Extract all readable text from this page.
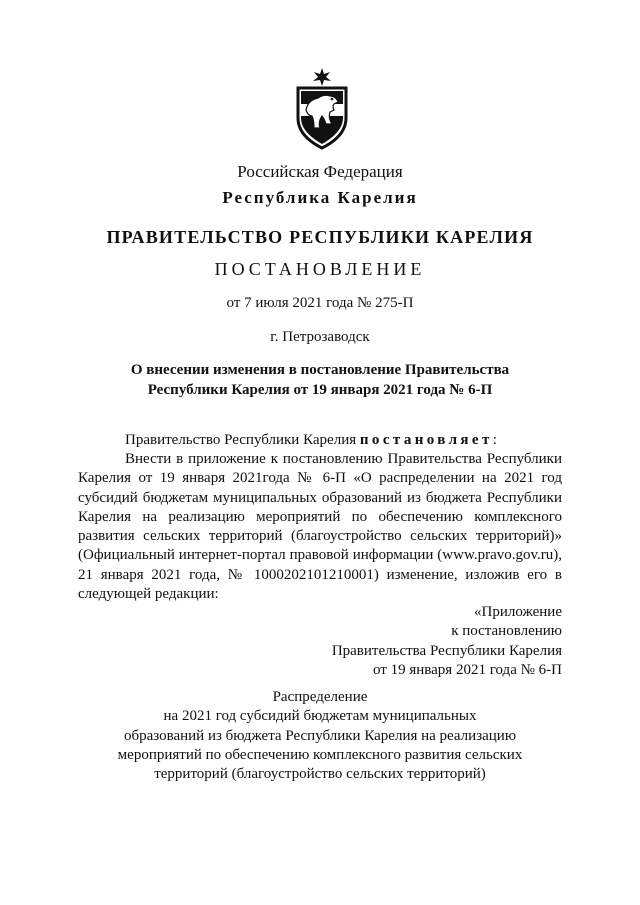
Российская Федерация
Республика Карелия
ПРАВИТЕЛЬСТВО РЕСПУБЛИКИ КАРЕЛИЯ
ПОСТАНОВЛЕНИЕ
от 7 июля 2021 года № 275-П
г. Петрозаводск
О внесении изменения в постановление Правительства
Республики Карелия от 19 января 2021 года № 6-П
Правительство Республики Карелия постановляет:
Внести в приложение к постановлению Правительства Республики Карелия от 19 января 2021года № 6-П «О распределении на 2021 год субсидий бюджетам муниципальных образований из бюджета Республики Карелия на реализацию мероприятий по обеспечению комплексного развития сельских территорий (благоустройство сельских территорий)» (Официальный интернет-портал правовой информации (www.pravo.gov.ru), 21 января 2021 года, № 1000202101210001) изменение, изложив его в следующей редакции:
«Приложение
к постановлению
Правительства Республики Карелия
от 19 января 2021 года № 6-П
Распределение
на 2021 год субсидий бюджетам муниципальных
образований из бюджета Республики Карелия на реализацию
мероприятий по обеспечению комплексного развития сельских
территорий (благоустройство сельских территорий)
